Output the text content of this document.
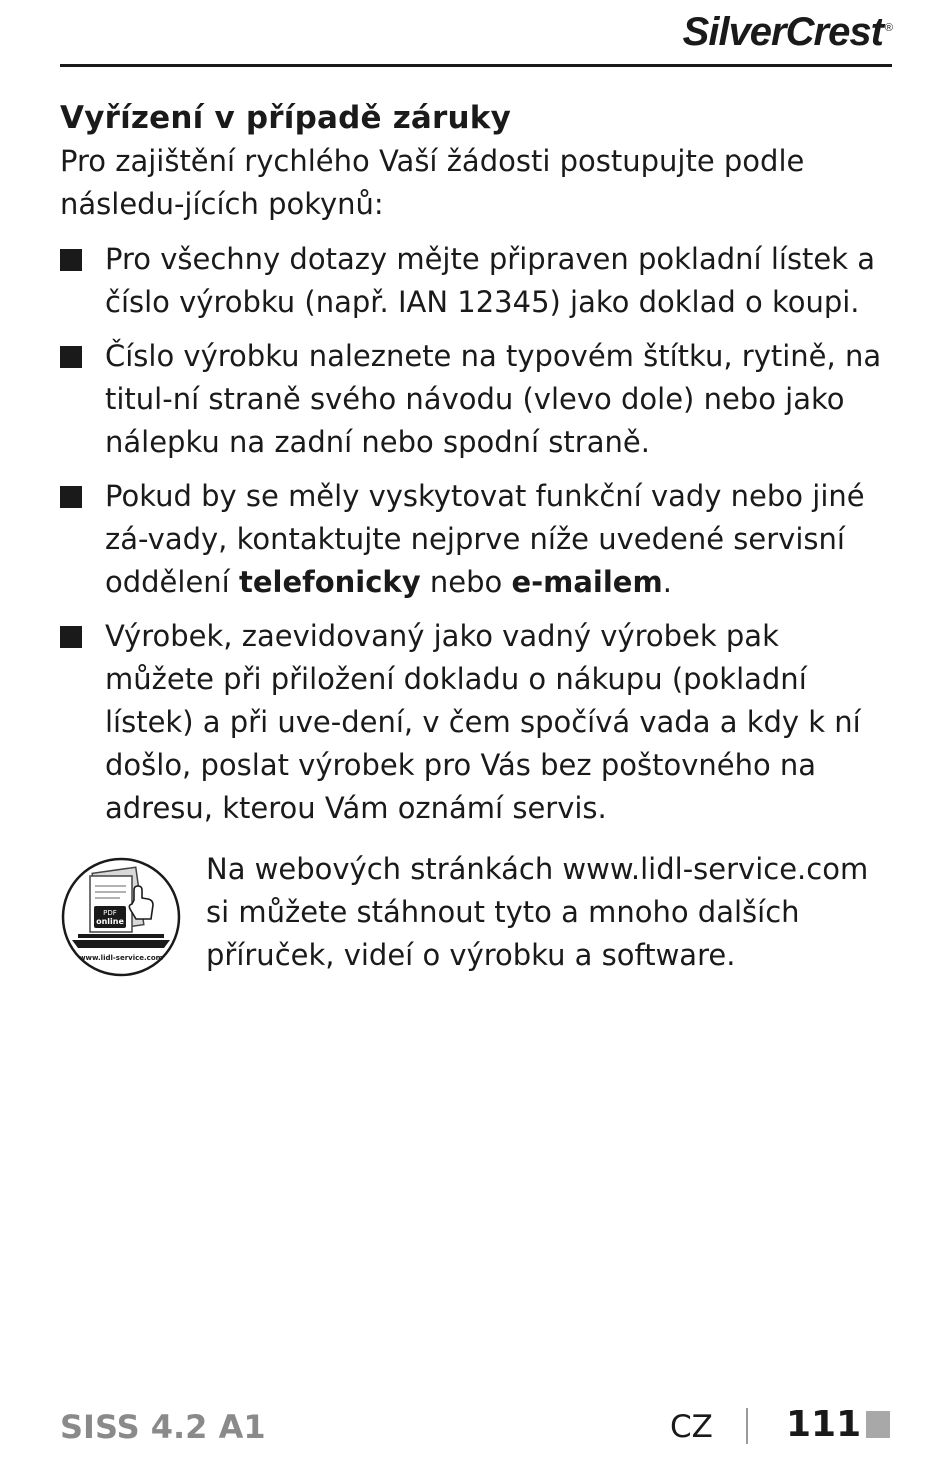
SilverCrest ®
Vyřízení v případě záruky

Pro zajištění rychlého Vaší žádosti postupujte podle následu-jících pokynů:

Pro všechny dotazy mějte připraven pokladní lístek a číslo výrobku (např. IAN 12345) jako doklad o koupi.
Číslo výrobku naleznete na typovém štítku, rytině, na titul-ní straně svého návodu (vlevo dole) nebo jako nálepku na zadní nebo spodní straně.
Pokud by se měly vyskytovat funkční vady nebo jiné zá-vady, kontaktujte nejprve níže uvedené servisní oddělení telefonicky nebo e-mailem.
Výrobek, zaevidovaný jako vadný výrobek pak můžete při přiložení dokladu o nákupu (pokladní lístek) a při uve-dení, v čem spočívá vada a kdy k ní došlo, poslat výrobek pro Vás bez poštovného na adresu, kterou Vám oznámí servis.
PDF
online
www.lidl-service.com
Na webových stránkách www.lidl-service.com si můžete stáhnout tyto a mnoho dalších příruček, videí o výrobku a software.
SISS 4.2 A1	CZ 111
